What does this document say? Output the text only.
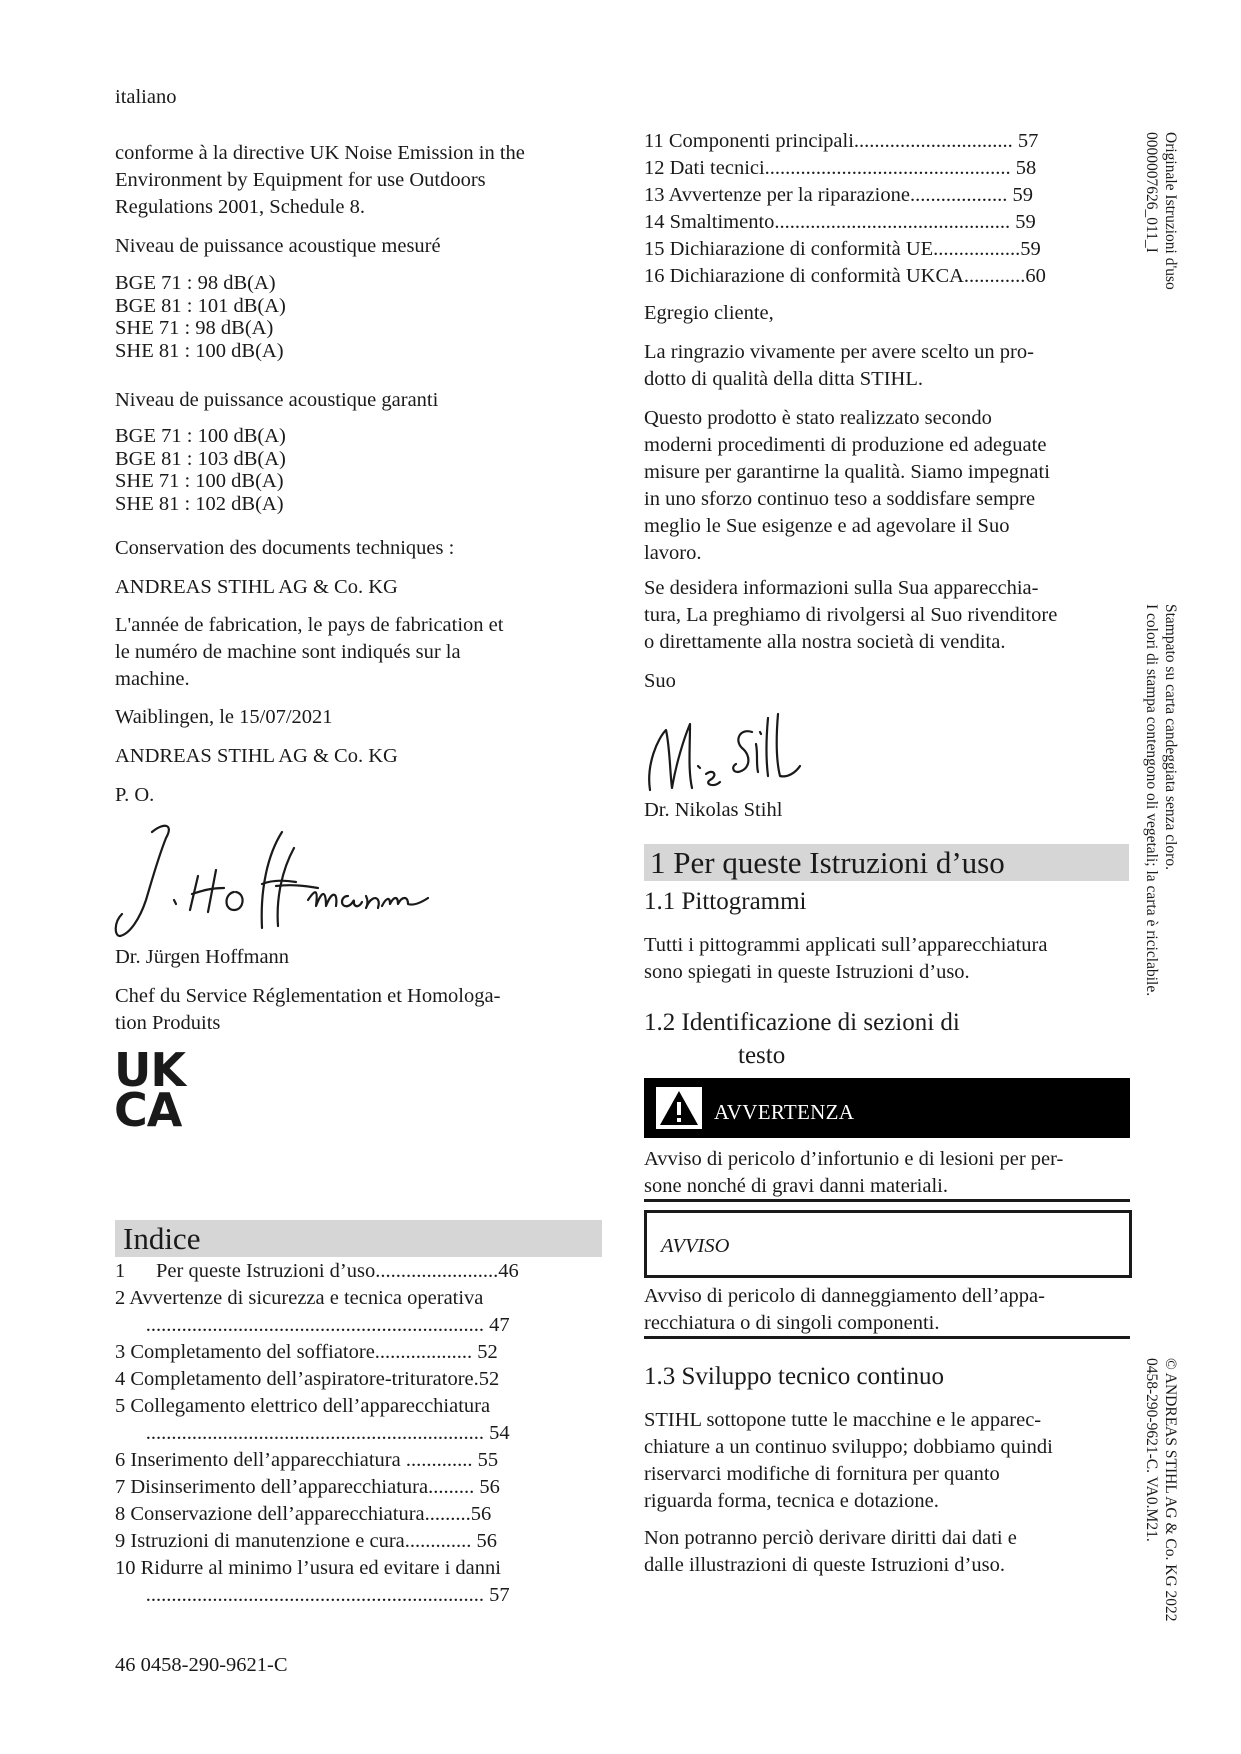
italiano
conforme à la directive UK Noise Emission in the
Environment by Equipment for use Outdoors
Regulations 2001, Schedule 8.
Niveau de puissance acoustique mesuré
BGE 71 : 98 dB(A)
BGE 81 : 101 dB(A)
SHE 71 : 98 dB(A)
SHE 81 : 100 dB(A)
Niveau de puissance acoustique garanti
BGE 71 : 100 dB(A)
BGE 81 : 103 dB(A)
SHE 71 : 100 dB(A)
SHE 81 : 102 dB(A)
Conservation des documents techniques :
ANDREAS STIHL AG & Co. KG
L'année de fabrication, le pays de fabrication et
le numéro de machine sont indiqués sur la
machine.
Waiblingen, le 15/07/2021
ANDREAS STIHL AG & Co. KG
P. O.
Dr. Jürgen Hoffmann
Chef du Service Réglementation et Homologa-
tion Produits
UK
CA
Indice
1      Per queste Istruzioni d’uso........................46
2 Avvertenze di sicurezza e tecnica operativa
.................................................................. 47
3 Completamento del soffiatore................... 52
4 Completamento dell’aspiratore-trituratore.52
5 Collegamento elettrico dell’apparecchiatura
.................................................................. 54
6 Inserimento dell’apparecchiatura ............. 55
7 Disinserimento dell’apparecchiatura......... 56
8 Conservazione dell’apparecchiatura.........56
9 Istruzioni di manutenzione e cura............. 56
10 Ridurre al minimo l’usura ed evitare i danni
.................................................................. 57
46 0458-290-9621-C
11 Componenti principali............................... 57
12 Dati tecnici................................................ 58
13 Avvertenze per la riparazione................... 59
14 Smaltimento.............................................. 59
15 Dichiarazione di conformità UE.................59
16 Dichiarazione di conformità UKCA............60
Egregio cliente,
La ringrazio vivamente per avere scelto un pro-
dotto di qualità della ditta STIHL.
Questo prodotto è stato realizzato secondo
moderni procedimenti di produzione ed adeguate
misure per garantirne la qualità. Siamo impegnati
in uno sforzo continuo teso a soddisfare sempre
meglio le Sue esigenze e ad agevolare il Suo
lavoro.
Se desidera informazioni sulla Sua apparecchia-
tura, La preghiamo di rivolgersi al Suo rivenditore
o direttamente alla nostra società di vendita.
Suo
Dr. Nikolas Stihl
1 Per queste Istruzioni d’uso
1.1 Pittogrammi
Tutti i pittogrammi applicati sull’apparecchiatura
sono spiegati in queste Istruzioni d’uso.
1.2 Identificazione di sezioni di
testo
AVVERTENZA
Avviso di pericolo d’infortunio e di lesioni per per-
sone nonché di gravi danni materiali.
AVVISO
Avviso di pericolo di danneggiamento dell’appa-
recchiatura o di singoli componenti.
1.3 Sviluppo tecnico continuo
STIHL sottopone tutte le macchine e le apparec-
chiature a un continuo sviluppo; dobbiamo quindi
riservarci modifiche di fornitura per quanto
riguarda forma, tecnica e dotazione.
Non potranno perciò derivare diritti dai dati e
dalle illustrazioni di queste Istruzioni d’uso.
Originale Istruzioni d'uso
0000007626_011_I
Stampato su carta candeggiata senza cloro.
I colori di stampa contengono oli vegetali; la carta è riciclabile.
© ANDREAS STIHL AG & Co. KG 2022
0458-290-9621-C. VA0.M21.
